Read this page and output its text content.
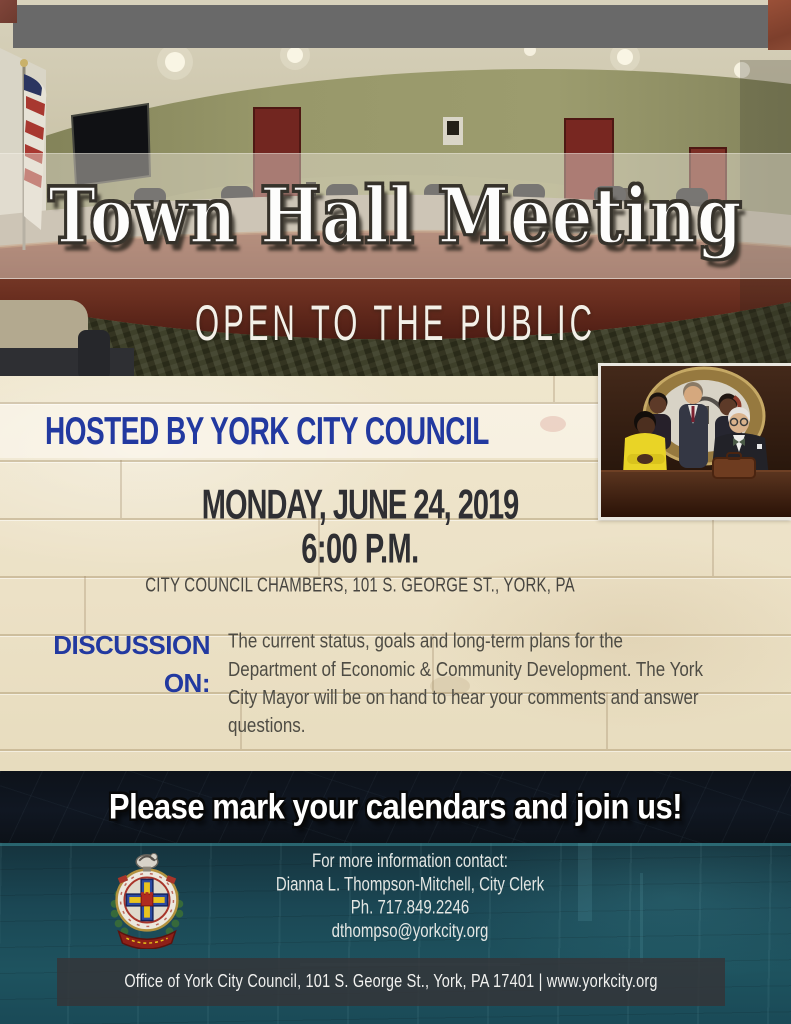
Town Hall Meeting
OPEN TO THE PUBLIC
MONDAY, JUNE 24, 2019
6:00 P.M.
CITY COUNCIL CHAMBERS, 101 S. GEORGE ST., YORK, PA
DISCUSSION
ON:

The current status, goals and long-term plans for the Department of Economic & Community Development. The York City Mayor will be on hand to hear your comments and answer questions.

HOSTED BY YORK CITY COUNCIL
Please mark your calendars and join us!
For more information contact:
Dianna L. Thompson-Mitchell, City Clerk
Ph. 717.849.2246
dthompso@yorkcity.org
Office of York City Council, 101 S. George St., York, PA 17401 | www.yorkcity.org
